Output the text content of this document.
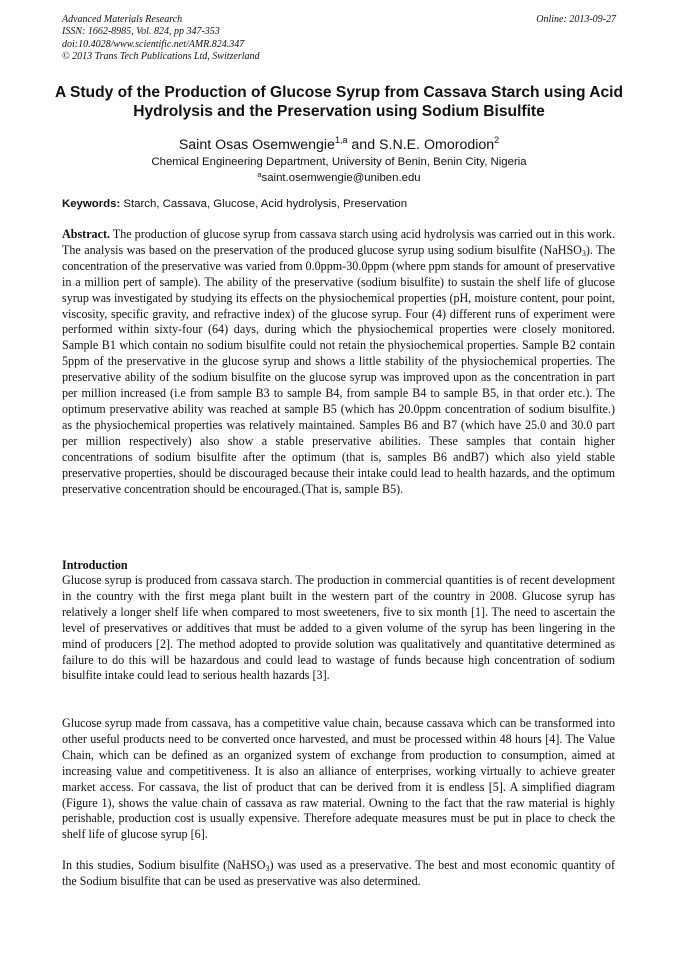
Advanced Materials Research
ISSN: 1662-8985, Vol. 824, pp 347-353
doi:10.4028/www.scientific.net/AMR.824.347
© 2013 Trans Tech Publications Ltd, Switzerland
Online: 2013-09-27
A Study of the Production of Glucose Syrup from Cassava Starch using Acid Hydrolysis and the Preservation using Sodium Bisulfite
Saint Osas Osemwengie$^{1,a}$ and S.N.E. Omorodion$^2$
Chemical Engineering Department, University of Benin, Benin City, Nigeria
$^a$saint.osemwengie@uniben.edu
Keywords: Starch, Cassava, Glucose, Acid hydrolysis, Preservation
Abstract. The production of glucose syrup from cassava starch using acid hydrolysis was carried out in this work. The analysis was based on the preservation of the produced glucose syrup using sodium bisulfite (NaHSO$_3$). The concentration of the preservative was varied from 0.0ppm-30.0ppm (where ppm stands for amount of preservative in a million pert of sample). The ability of the preservative (sodium bisulfite) to sustain the shelf life of glucose syrup was investigated by studying its effects on the physiochemical properties (pH, moisture content, pour point, viscosity, specific gravity, and refractive index) of the glucose syrup. Four (4) different runs of experiment were performed within sixty-four (64) days, during which the physiochemical properties were closely monitored. Sample B1 which contain no sodium bisulfite could not retain the physiochemical properties. Sample B2 contain 5ppm of the preservative in the glucose syrup and shows a little stability of the physiochemical properties. The preservative ability of the sodium bisulfite on the glucose syrup was improved upon as the concentration in part per million increased (i.e from sample B3 to sample B4, from sample B4 to sample B5, in that order etc.). The optimum preservative ability was reached at sample B5 (which has 20.0ppm concentration of sodium bisulfite.) as the physiochemical properties was relatively maintained. Samples B6 and B7 (which have 25.0 and 30.0 part per million respectively) also show a stable preservative abilities. These samples that contain higher concentrations of sodium bisulfite after the optimum (that is, samples B6 andB7) which also yield stable preservative properties, should be discouraged because their intake could lead to health hazards, and the optimum preservative concentration should be encouraged.(That is, sample B5).
Introduction
Glucose syrup is produced from cassava starch. The production in commercial quantities is of recent development in the country with the first mega plant built in the western part of the country in 2008. Glucose syrup has relatively a longer shelf life when compared to most sweeteners, five to six month [1]. The need to ascertain the level of preservatives or additives that must be added to a given volume of the syrup has been lingering in the mind of producers [2]. The method adopted to provide solution was qualitatively and quantitative determined as failure to do this will be hazardous and could lead to wastage of funds because high concentration of sodium bisulfite intake could lead to serious health hazards [3].
Glucose syrup made from cassava, has a competitive value chain, because cassava which can be transformed into other useful products need to be converted once harvested, and must be processed within 48 hours [4]. The Value Chain, which can be defined as an organized system of exchange from production to consumption, aimed at increasing value and competitiveness. It is also an alliance of enterprises, working virtually to achieve greater market access. For cassava, the list of product that can be derived from it is endless [5]. A simplified diagram (Figure 1), shows the value chain of cassava as raw material. Owning to the fact that the raw material is highly perishable, production cost is usually expensive. Therefore adequate measures must be put in place to check the shelf life of glucose syrup [6].
In this studies, Sodium bisulfite (NaHSO$_3$) was used as a preservative. The best and most economic quantity of the Sodium bisulfite that can be used as preservative was also determined.
